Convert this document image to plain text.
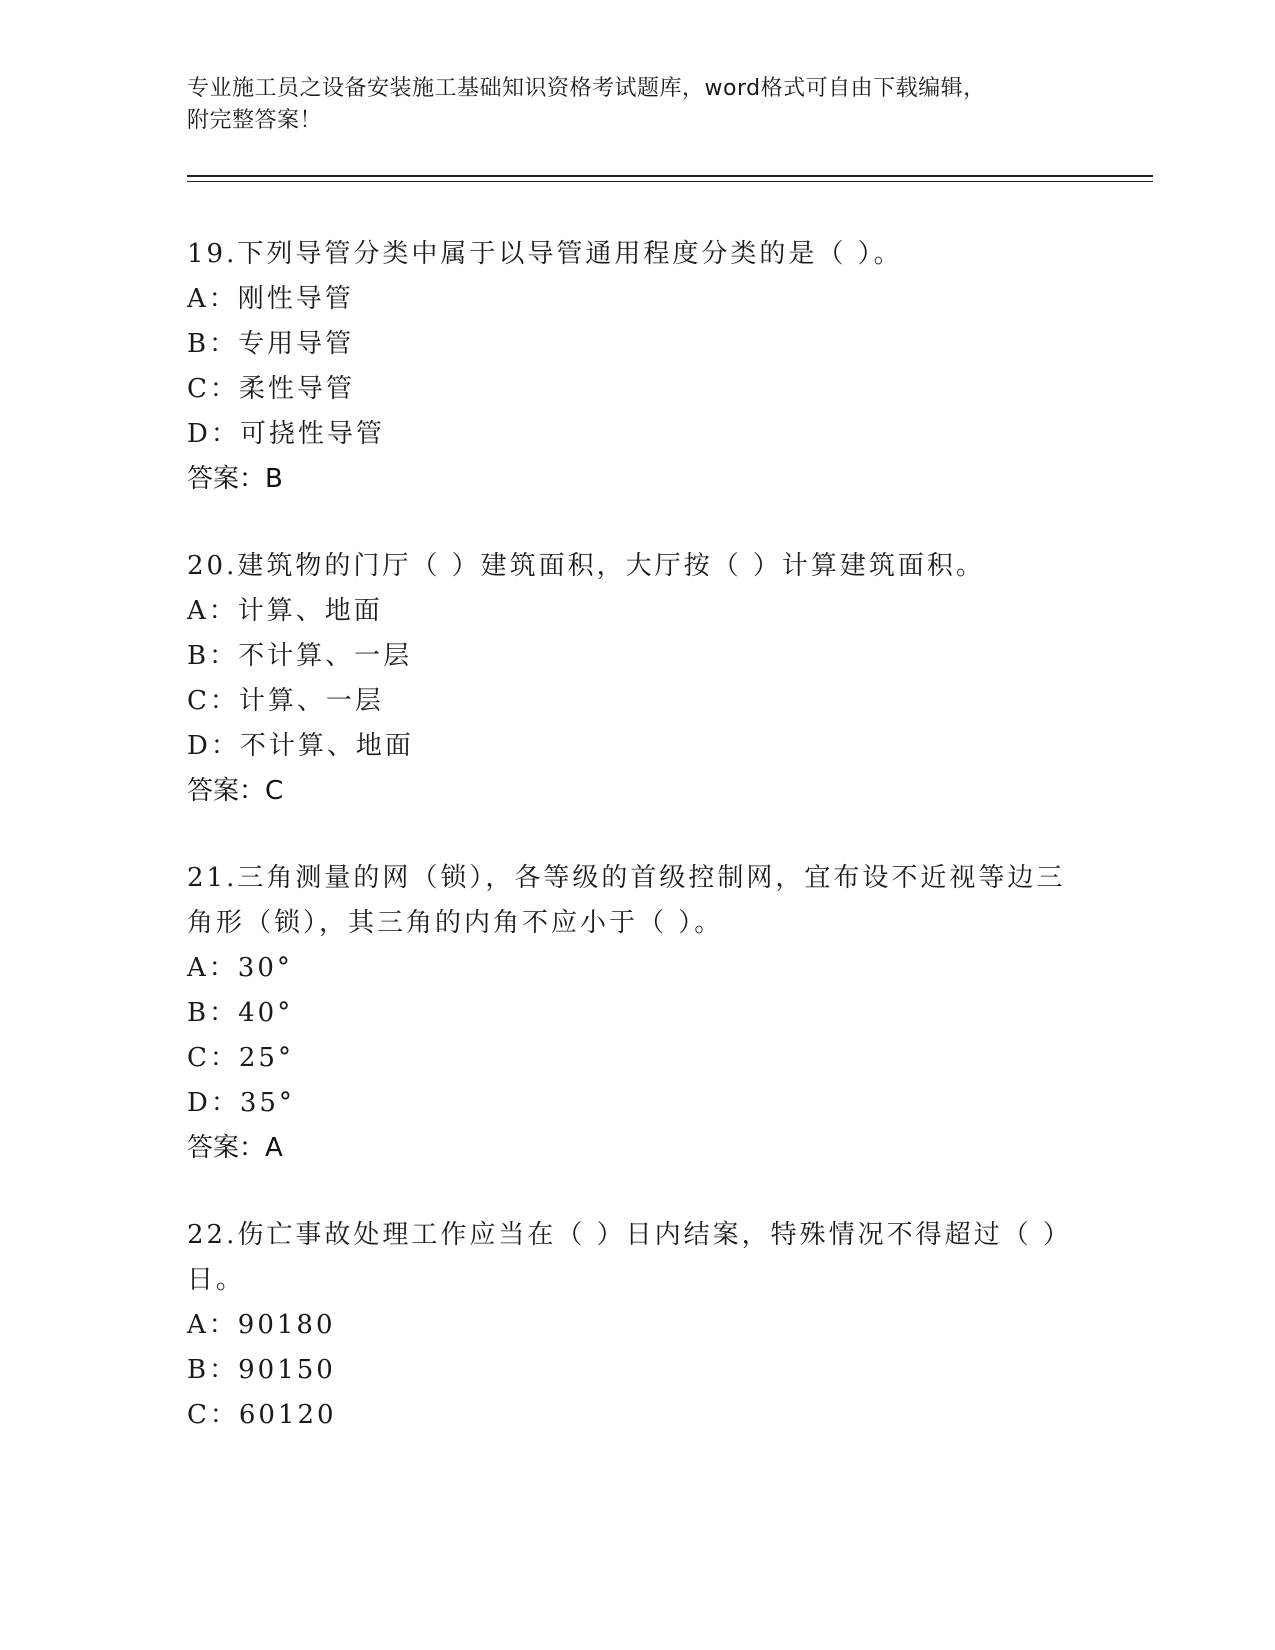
专业施工员之设备安装施工基础知识资格考试题库，word格式可自由下载编辑，

附完整答案！

19.下列导管分类中属于以导管通用程度分类的是（ ）。

A：刚性导管

B：专用导管

C：柔性导管

D：可挠性导管

答案：B

20.建筑物的门厅（ ）建筑面积，大厅按（ ）计算建筑面积。

A：计算、地面

B：不计算、一层

C：计算、一层

D：不计算、地面

答案：C

21.三角测量的网（锁），各等级的首级控制网，宜布设不近视等边三角形（锁），其三角的内角不应小于（ ）。

A：30°

B：40°

C：25°

D：35°

答案：A

22.伤亡事故处理工作应当在（ ）日内结案，特殊情况不得超过（ ）日。

A：90180

B：90150

C：60120
